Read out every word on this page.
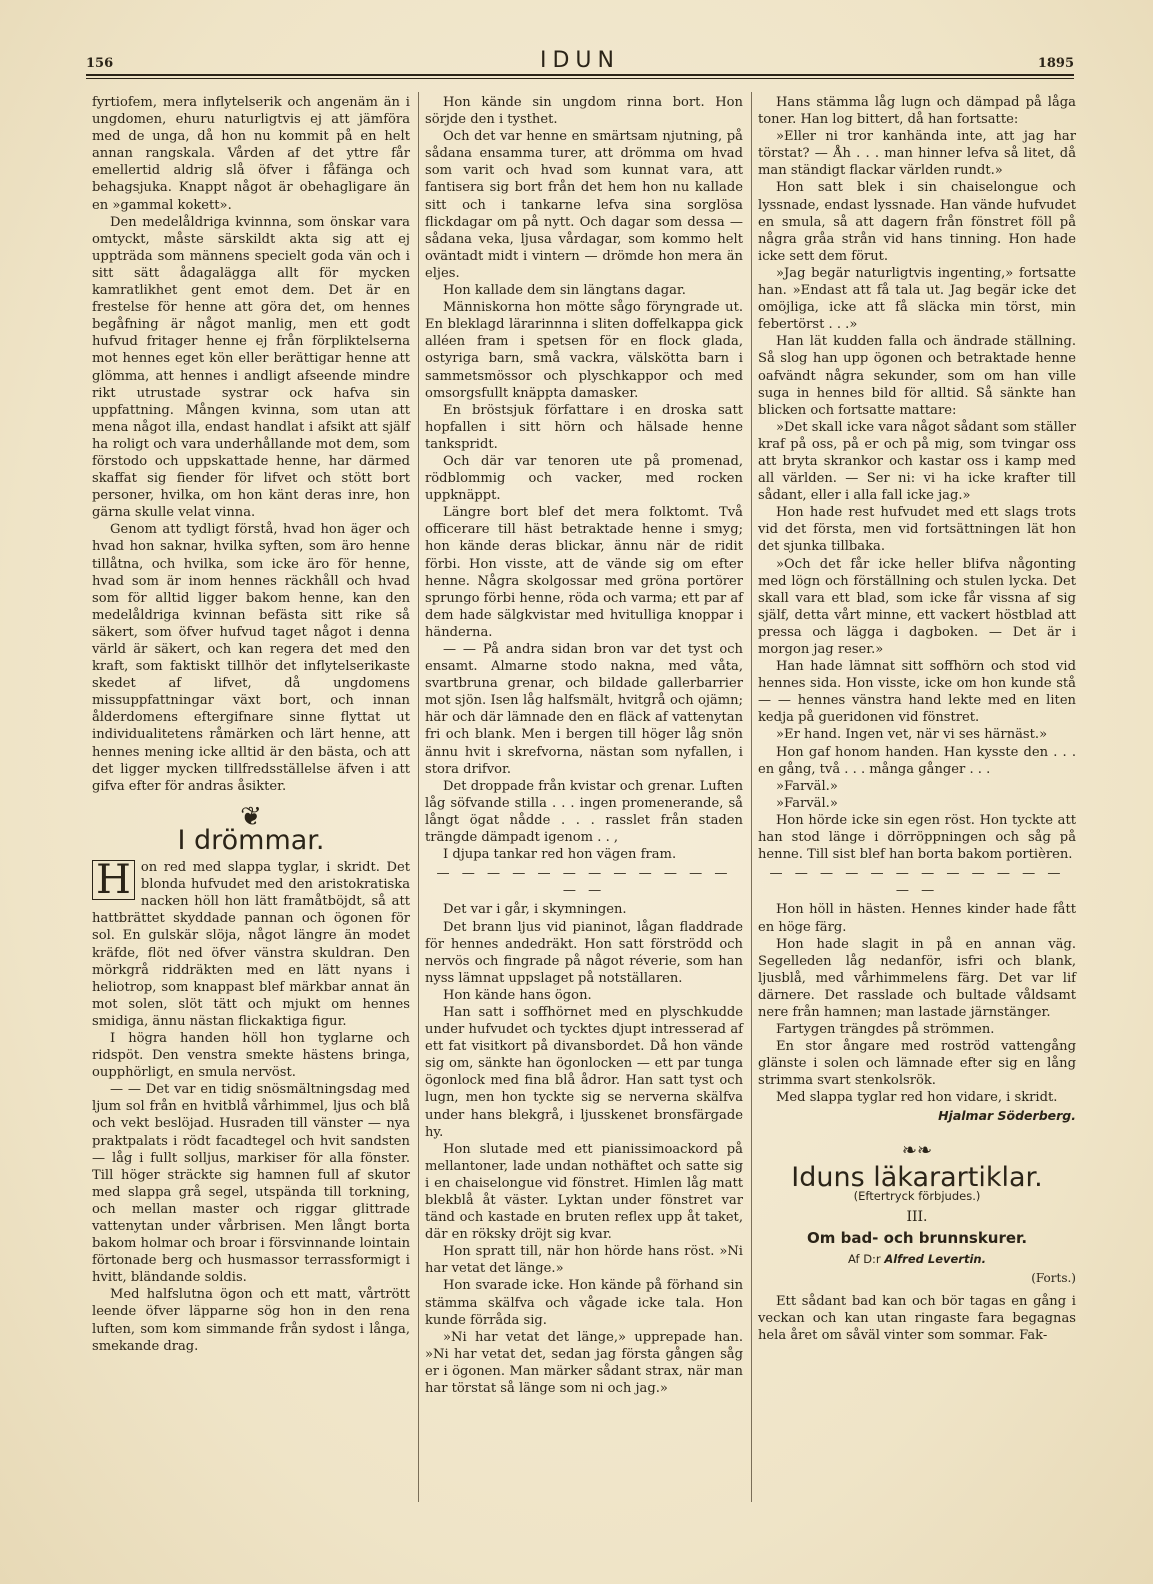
156	IDUN	1895

fyrtiofem, mera inflytelserik och angenäm än i ungdomen, ehuru naturligtvis ej att jämföra med de unga, då hon nu kommit på en helt annan rangskala. Vården af det yttre får emellertid aldrig slå öfver i fåfänga och behagsjuka. Knappt något är obehagligare än en »gammal kokett».

Den medelåldriga kvinnna, som önskar vara omtyckt, måste särskildt akta sig att ej uppträda som männens specielt goda vän och i sitt sätt ådagalägga allt för mycken kamratlikhet gent emot dem. Det är en frestelse för henne att göra det, om hennes begåfning är något manlig, men ett godt hufvud fritager henne ej från förpliktelserna mot hennes eget kön eller berättigar henne att glömma, att hennes i andligt afseende mindre rikt utrustade systrar ock hafva sin uppfattning. Mången kvinna, som utan att mena något illa, endast handlat i afsikt att själf ha roligt och vara underhållande mot dem, som förstodo och uppskattade henne, har därmed skaffat sig fiender för lifvet och stött bort personer, hvilka, om hon känt deras inre, hon gärna skulle velat vinna.

Genom att tydligt förstå, hvad hon äger och hvad hon saknar, hvilka syften, som äro henne tillåtna, och hvilka, som icke äro för henne, hvad som är inom hennes räckhåll och hvad som för alltid ligger bakom henne, kan den medelåldriga kvinnan befästa sitt rike så säkert, som öfver hufvud taget något i denna värld är säkert, och kan regera det med den kraft, som faktiskt tillhör det inflytelserikaste skedet af lifvet, då ungdomens missuppfattningar växt bort, och innan ålderdomens eftergifnare sinne flyttat ut individualitetens råmärken och lärt henne, att hennes mening icke alltid är den bästa, och att det ligger mycken tillfredsställelse äfven i att gifva efter för andras åsikter.

❦
I drömmar.

H on red med slappa tyglar, i skridt. Det blonda hufvudet med den aristokratiska nacken höll hon lätt framåtböjdt, så att hattbrättet skyddade pannan och ögonen för sol. En gulskär slöja, något längre än modet kräfde, flöt ned öfver vänstra skuldran. Den mörkgrå riddräkten med en lätt nyans i heliotrop, som knappast blef märkbar annat än mot solen, slöt tätt och mjukt om hennes smidiga, ännu nästan flickaktiga figur.

I högra handen höll hon tyglarne och ridspöt. Den venstra smekte hästens bringa, oupphörligt, en smula nervöst.

— — Det var en tidig snösmältningsdag med ljum sol från en hvitblå vårhimmel, ljus och blå och vekt beslöjad. Husraden till vänster — nya praktpalats i rödt facadtegel och hvit sandsten — låg i fullt solljus, markiser för alla fönster. Till höger sträckte sig hamnen full af skutor med slappa grå segel, utspända till torkning, och mellan master och riggar glittrade vattenytan under vårbrisen. Men långt borta bakom holmar och broar i försvinnande lointain förtonade berg och husmassor terrassformigt i hvitt, bländande soldis.

Med halfslutna ögon och ett matt, vårtrött leende öfver läpparne sög hon in den rena luften, som kom simmande från sydost i långa, smekande drag.

Hon kände sin ungdom rinna bort. Hon sörjde den i tysthet.

Och det var henne en smärtsam njutning, på sådana ensamma turer, att drömma om hvad som varit och hvad som kunnat vara, att fantisera sig bort från det hem hon nu kallade sitt och i tankarne lefva sina sorglösa flickdagar om på nytt. Och dagar som dessa — sådana veka, ljusa vårdagar, som kommo helt oväntadt midt i vintern — drömde hon mera än eljes.

Hon kallade dem sin längtans dagar.

Människorna hon mötte sågo föryngrade ut. En bleklagd lärarinnna i sliten doffelkappa gick alléen fram i spetsen för en flock glada, ostyriga barn, små vackra, välskötta barn i sammetsmössor och plyschkappor och med omsorgsfullt knäppta damasker.

En bröstsjuk författare i en droska satt hopfallen i sitt hörn och hälsade henne tankspridt.

Och där var tenoren ute på promenad, rödblommig och vacker, med rocken uppknäppt.

Längre bort blef det mera folktomt. Två officerare till häst betraktade henne i smyg; hon kände deras blickar, ännu när de ridit förbi. Hon visste, att de vände sig om efter henne. Några skolgossar med gröna portörer sprungo förbi henne, röda och varma; ett par af dem hade sälgkvistar med hvitulliga knoppar i händerna.

— — På andra sidan bron var det tyst och ensamt. Almarne stodo nakna, med våta, svartbruna grenar, och bildade gallerbarrier mot sjön. Isen låg halfsmält, hvitgrå och ojämn; här och där lämnade den en fläck af vattenytan fri och blank. Men i bergen till höger låg snön ännu hvit i skrefvorna, nästan som nyfallen, i stora drifvor.

Det droppade från kvistar och grenar. Luften låg söfvande stilla . . . ingen promenerande, så långt ögat nådde . . . rasslet från staden trängde dämpadt igenom . . ,

I djupa tankar red hon vägen fram.

— — — — — — — — — — — — — —

Det var i går, i skymningen.

Det brann ljus vid pianinot, lågan fladdrade för hennes andedräkt. Hon satt förströdd och nervös och fingrade på något réverie, som han nyss lämnat uppslaget på notställaren.

Hon kände hans ögon.

Han satt i soffhörnet med en plyschkudde under hufvudet och tycktes djupt intresserad af ett fat visitkort på divansbordet. Då hon vände sig om, sänkte han ögonlocken — ett par tunga ögonlock med fina blå ådror. Han satt tyst och lugn, men hon tyckte sig se nerverna skälfva under hans blekgrå, i ljusskenet bronsfärgade hy.

Hon slutade med ett pianissimoackord på mellantoner, lade undan nothäftet och satte sig i en chaiselongue vid fönstret. Himlen låg matt blekblå åt väster. Lyktan under fönstret var tänd och kastade en bruten reflex upp åt taket, där en röksky dröjt sig kvar.

Hon spratt till, när hon hörde hans röst. »Ni har vetat det länge.»

Hon svarade icke. Hon kände på förhand sin stämma skälfva och vågade icke tala. Hon kunde förråda sig.

»Ni har vetat det länge,» upprepade han. »Ni har vetat det, sedan jag första gången såg er i ögonen. Man märker sådant strax, när man har törstat så länge som ni och jag.»

Hans stämma låg lugn och dämpad på låga toner. Han log bittert, då han fortsatte:

»Eller ni tror kanhända inte, att jag har törstat? — Åh . . . man hinner lefva så litet, då man ständigt flackar världen rundt.»

Hon satt blek i sin chaiselongue och lyssnade, endast lyssnade. Han vände hufvudet en smula, så att dagern från fönstret föll på några gråa strån vid hans tinning. Hon hade icke sett dem förut.

»Jag begär naturligtvis ingenting,» fortsatte han. »Endast att få tala ut. Jag begär icke det omöjliga, icke att få släcka min törst, min febertörst . . .»

Han lät kudden falla och ändrade ställning. Så slog han upp ögonen och betraktade henne oafvändt några sekunder, som om han ville suga in hennes bild för alltid. Så sänkte han blicken och fortsatte mattare:

»Det skall icke vara något sådant som ställer kraf på oss, på er och på mig, som tvingar oss att bryta skrankor och kastar oss i kamp med all världen. — Ser ni: vi ha icke krafter till sådant, eller i alla fall icke jag.»

Hon hade rest hufvudet med ett slags trots vid det första, men vid fortsättningen lät hon det sjunka tillbaka.

»Och det får icke heller blifva någonting med lögn och förställning och stulen lycka. Det skall vara ett blad, som icke får vissna af sig själf, detta vårt minne, ett vackert höstblad att pressa och lägga i dagboken. — Det är i morgon jag reser.»

Han hade lämnat sitt soffhörn och stod vid hennes sida. Hon visste, icke om hon kunde stå — — hennes vänstra hand lekte med en liten kedja på gueridonen vid fönstret.

»Er hand. Ingen vet, när vi ses härnäst.»

Hon gaf honom handen. Han kysste den . . . en gång, två . . . många gånger . . .

»Farväl.»

»Farväl.»

Hon hörde icke sin egen röst. Hon tyckte att han stod länge i dörröppningen och såg på henne. Till sist blef han borta bakom portièren.

— — — — — — — — — — — — — —

Hon höll in hästen. Hennes kinder hade fått en höge färg.

Hon hade slagit in på en annan väg. Segelleden låg nedanför, isfri och blank, ljusblå, med vårhimmelens färg. Det var lif därnere. Det rasslade och bultade våldsamt nere från hamnen; man lastade järnstänger.

Fartygen trängdes på strömmen.

En stor ångare med roströd vattengång glänste i solen och lämnade efter sig en lång strimma svart stenkolsrök.

Med slappa tyglar red hon vidare, i skridt.

Hjalmar Söderberg.
❧❧
Iduns läkarartiklar.
(Eftertryck förbjudes.)
III.
Om bad- och brunnskurer.
Af D:r Alfred Levertin.
(Forts.)

Ett sådant bad kan och bör tagas en gång i veckan och kan utan ringaste fara begagnas hela året om såväl vinter som sommar. Fak-
